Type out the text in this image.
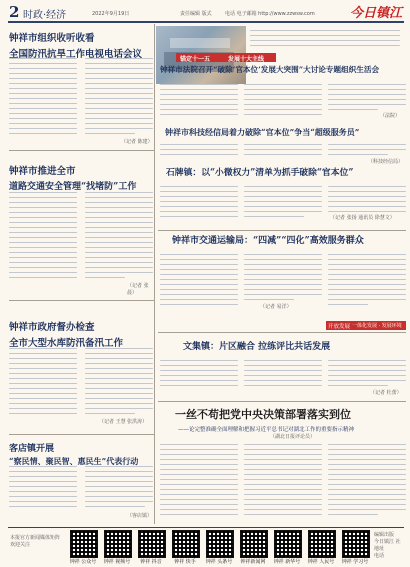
2 时政·经济	2022年9月19日	责任编辑 版式	电话 电子邮箱 http://www.zzwsw.com	今日镇江
钟祥市组织收听收看
全国防汛抗旱工作电视电话会议
（记者 陈建）
钟祥市推进全市
道路交通安全管理“找堵防”工作
（记者 张晨）
钟祥市政府督办检查
全市大型水库防汛备汛工作
（记者 王慧 张洪涛）
客店镇开展
“察民情、聚民智、惠民生”代表行动
（客店镇）
锚定十一五	发展十大主线
钟祥市法院召开“破除‘官本位’发展大突围”大讨论专题组织生活会
（法院）
钟祥市科技经信局着力破除“官本位”争当“超级服务员”
（科技经信局）
石牌镇：以“小微权力”清单为抓手破除“官本位”
（记者 张扬 通讯员 徐慧文）
钟祥市交通运输局：“四减”“四化”高效服务群众
（记者 易洋）
开放发展 一体化发展 · 发展环境
文集镇：片区融合 拉练评比共话发展
（记者 杜蕾）
一丝不苟把党中央决策部署落实到位
——论完整准确全面理解和把握习近平总书记对湖北工作的重要指示精神
（湖北日报评论员）
本报官方新闻媒体矩阵 欢迎关注
钟祥 公众号	钟祥 视频号	钟祥 抖音	钟祥 快手	钟祥 头条号	钟祥新闻网	钟祥 新华号	钟祥 人民号	钟祥 学习号
编辑出版
今日镇江 社
地址
电话
